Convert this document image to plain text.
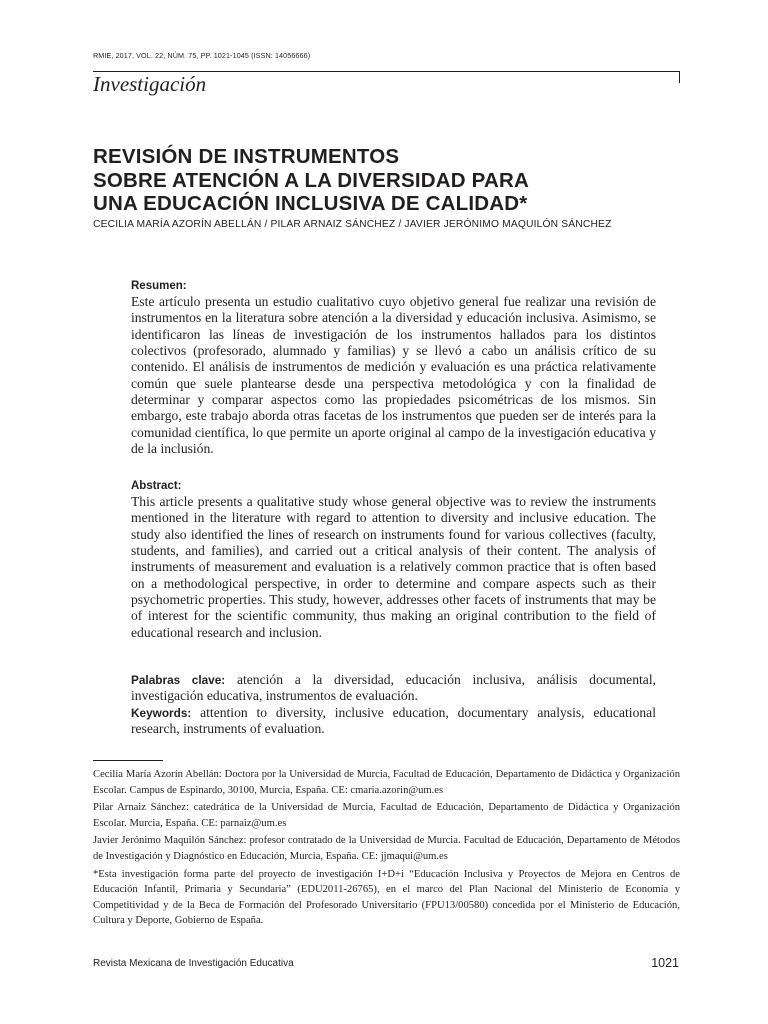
RMIE, 2017, VOL. 22, NÚM. 75, PP. 1021-1045 (ISSN: 14056666)
Investigación
REVISIÓN DE INSTRUMENTOS
SOBRE ATENCIÓN A LA DIVERSIDAD PARA
UNA EDUCACIÓN INCLUSIVA DE CALIDAD*
CECILIA MARÍA AZORÍN ABELLÁN / PILAR ARNAIZ SÁNCHEZ / JAVIER JERÓNIMO MAQUILÓN SÁNCHEZ
Resumen:
Este artículo presenta un estudio cualitativo cuyo objetivo general fue realizar una revisión de instrumentos en la literatura sobre atención a la diversidad y educación inclusiva. Asimismo, se identificaron las líneas de investigación de los instrumentos hallados para los distintos colectivos (profesorado, alumnado y familias) y se llevó a cabo un análisis crítico de su contenido. El análisis de instrumentos de medición y evaluación es una práctica relativamente común que suele plantearse desde una perspectiva metodológica y con la finalidad de determinar y comparar aspectos como las propiedades psicométricas de los mismos. Sin embargo, este trabajo aborda otras facetas de los instrumentos que pueden ser de interés para la comunidad científica, lo que permite un aporte original al campo de la investigación educativa y de la inclusión.
Abstract:
This article presents a qualitative study whose general objective was to review the instruments mentioned in the literature with regard to attention to diversity and inclusive education. The study also identified the lines of research on instruments found for various collectives (faculty, students, and families), and carried out a critical analysis of their content. The analysis of instruments of measurement and evaluation is a relatively common practice that is often based on a methodological perspective, in order to determine and compare aspects such as their psychometric properties. This study, however, addresses other facets of instruments that may be of interest for the scientific community, thus making an original contribution to the field of educational research and inclusion.
Palabras clave: atención a la diversidad, educación inclusiva, análisis documental, investigación educativa, instrumentos de evaluación.
Keywords: attention to diversity, inclusive education, documentary analysis, educational research, instruments of evaluation.

Cecilia María Azorín Abellán: Doctora por la Universidad de Murcia, Facultad de Educación, Departamento de Didáctica y Organización Escolar. Campus de Espinardo, 30100, Murcia, España. CE: cmaria.azorin@um.es

Pilar Arnaiz Sánchez: catedrática de la Universidad de Murcia, Facultad de Educación, Departamento de Didáctica y Organización Escolar. Murcia, España. CE: parnaiz@um.es

Javier Jerónimo Maquilón Sánchez: profesor contratado de la Universidad de Murcia. Facultad de Educación, Departamento de Métodos de Investigación y Diagnóstico en Educación, Murcia, España. CE: jjmaqui@um.es

*Esta investigación forma parte del proyecto de investigación I+D+i “Educación Inclusiva y Proyectos de Mejora en Centros de Educación Infantil, Primaria y Secundaria” (EDU2011-26765), en el marco del Plan Nacional del Ministerio de Economía y Competitividad y de la Beca de Formación del Profesorado Universitario (FPU13/00580) concedida por el Ministerio de Educación, Cultura y Deporte, Gobierno de España.

Revista Mexicana de Investigación Educativa	1021
